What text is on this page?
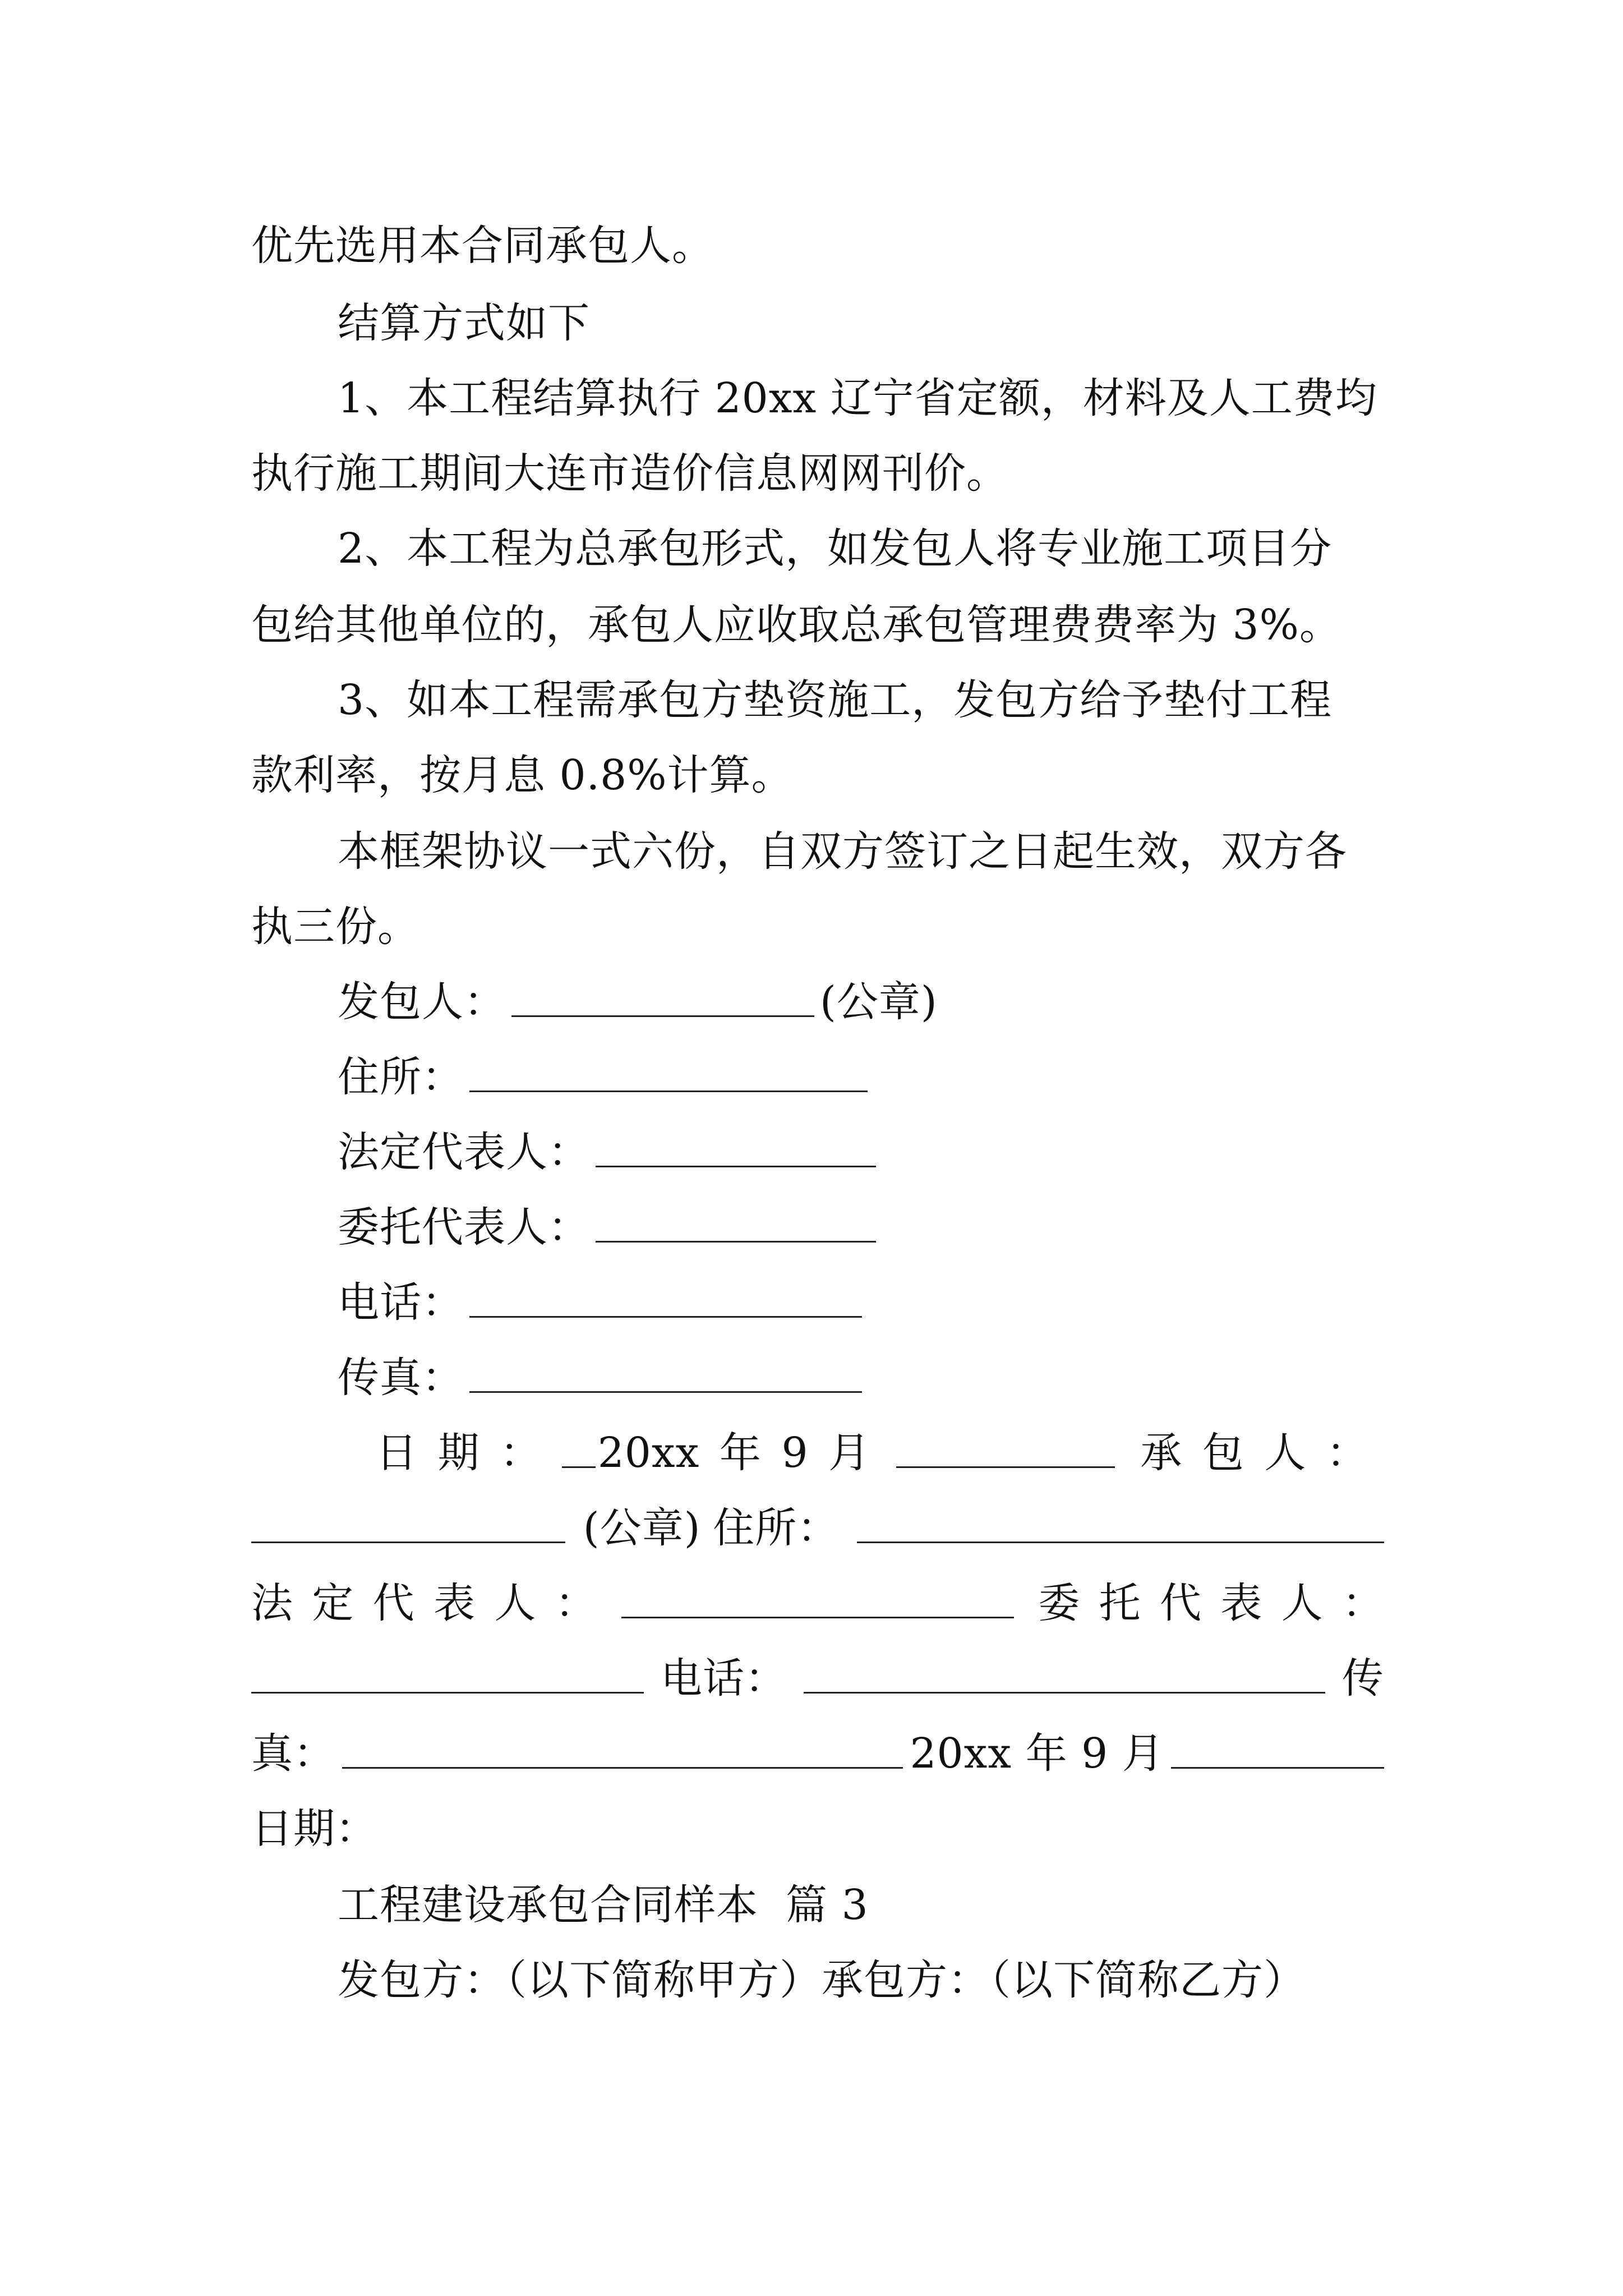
优先选用本合同承包人。
结算方式如下
1、本工程结算执行 20xx 辽宁省定额，材料及人工费均
执行施工期间大连市造价信息网网刊价。
2、本工程为总承包形式，如发包人将专业施工项目分
包给其他单位的，承包人应收取总承包管理费费率为 3%。
3、如本工程需承包方垫资施工，发包方给予垫付工程
款利率，按月息 0.8%计算。
本框架协议一式六份，自双方签订之日起生效，双方各
执三份。
发包人：	(公章)
住所：
法定代表人：
委托代表人：
电话：
传真：
日 期 ：	20xx 年 9 月	承 包 人 ：
(公章) 住所：
法 定 代 表 人 ：	委 托 代 表 人 ：
电话：	传
真：	20xx 年 9 月
日期：
工程建设承包合同样本  篇 3
发包方：（以下简称甲方）承包方：（以下简称乙方）
